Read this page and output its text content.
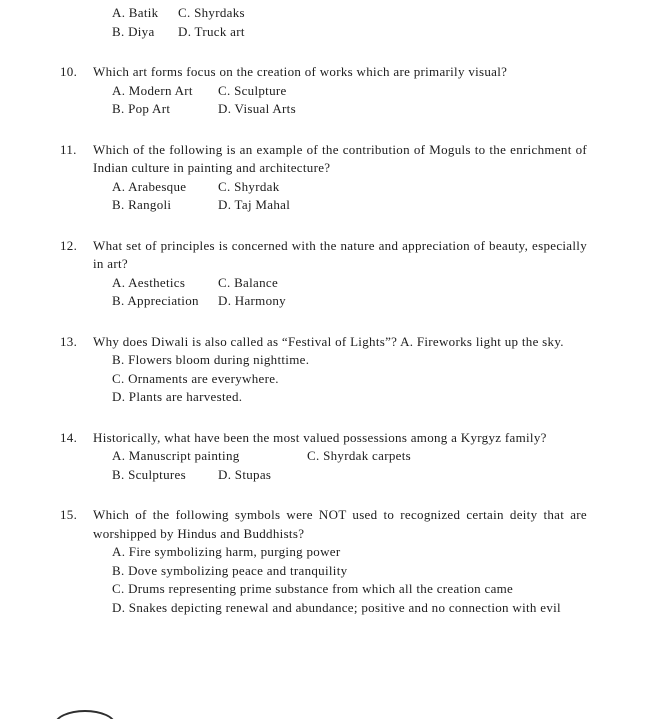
A. Batik	C. Shyrdaks
B. Diya	D. Truck art
10. Which art forms focus on the creation of works which are primarily visual?
A. Modern Art	C. Sculpture
B. Pop Art	D. Visual Arts
11. Which of the following is an example of the contribution of Moguls to the enrichment of Indian culture in painting and architecture?
A. Arabesque	C. Shyrdak
B. Rangoli	D. Taj Mahal
12. What set of principles is concerned with the nature and appreciation of beauty, especially in art?
A. Aesthetics	C. Balance
B. Appreciation	D. Harmony
13. Why does Diwali is also called as “Festival of Lights”? A. Fireworks light up the sky.
B. Flowers bloom during nighttime.
C. Ornaments are everywhere.
D. Plants are harvested.
14. Historically, what have been the most valued possessions among a Kyrgyz family?
A. Manuscript painting	C. Shyrdak carpets
B. Sculptures	D. Stupas
15. Which of the following symbols were NOT used to recognized certain deity that are worshipped by Hindus and Buddhists?
A. Fire symbolizing harm, purging power
B. Dove symbolizing peace and tranquility
C. Drums representing prime substance from which all the creation came
D. Snakes depicting renewal and abundance; positive and no connection with evil
